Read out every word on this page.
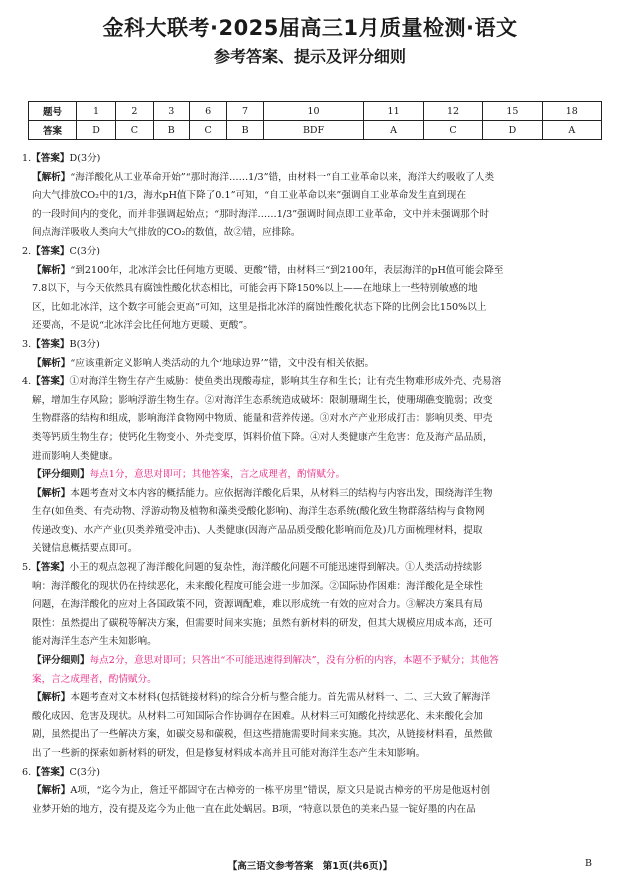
金科大联考·2025届高三1月质量检测·语文
参考答案、提示及评分细则
题号	1	2	3	6	7	10	11	12	15	18
答案	D	C	B	C	B	BDF	A	C	D	A
1.【答案】D(3分)
【解析】“海洋酸化从工业革命开始”“那时海洋……1/3”错，由材料一“自工业革命以来，海洋大约吸收了人类
向大气排放CO₂中的1/3，海水pH值下降了0.1”可知，“自工业革命以来”强调自工业革命发生直到现在
的一段时间内的变化，而并非强调起始点；“那时海洋……1/3”强调时间点即工业革命，文中并未强调那个时
间点海洋吸收人类向大气排放的CO₂的数值，故②错，应排除。
2.【答案】C(3分)
【解析】“到2100年，北冰洋会比任何地方更暖、更酸”错，由材料三“到2100年，表层海洋的pH值可能会降至
7.8以下，与今天依然具有腐蚀性酸化状态相比，可能会再下降150%以上——在地球上一些特别敏感的地
区，比如北冰洋，这个数字可能会更高”可知，这里是指北冰洋的腐蚀性酸化状态下降的比例会比150%以上
还要高，不是说“北冰洋会比任何地方更暖、更酸”。
3.【答案】B(3分)
【解析】“应该重新定义影响人类活动的九个‘地球边界’”错，文中没有相关依据。
4.【答案】①对海洋生物生存产生威胁：使鱼类出现酸毒症，影响其生存和生长；让有壳生物难形成外壳、壳易溶
解，增加生存风险；影响浮游生物生存。②对海洋生态系统造成破坏：限制珊瑚生长，使珊瑚礁变脆弱；改变
生物群落的结构和组成，影响海洋食物网中物质、能量和营养传递。③对水产产业形成打击：影响贝类、甲壳
类等钙质生物生存；使钙化生物变小、外壳变厚，饵料价值下降。④对人类健康产生危害：危及海产品品质，
进而影响人类健康。
【评分细则】每点1分，意思对即可；其他答案，言之成理者，酌情赋分。
【解析】本题考查对文本内容的概括能力。应依据海洋酸化后果，从材料三的结构与内容出发，围绕海洋生物
生存(如鱼类、有壳动物、浮游动物及植物和藻类受酸化影响)、海洋生态系统(酸化致生物群落结构与食物网
传递改变)、水产产业(贝类养殖受冲击)、人类健康(因海产品品质受酸化影响而危及)几方面梳理材料，提取
关键信息概括要点即可。
5.【答案】小王的观点忽视了海洋酸化问题的复杂性，海洋酸化问题不可能迅速得到解决。①人类活动持续影
响：海洋酸化的现状仍在持续恶化，未来酸化程度可能会进一步加深。②国际协作困难：海洋酸化是全球性
问题，在海洋酸化的应对上各国政策不同，资源调配难，难以形成统一有效的应对合力。③解决方案具有局
限性：虽然提出了碳税等解决方案，但需要时间来实施；虽然有新材料的研发，但其大规模应用成本高，还可
能对海洋生态产生未知影响。
【评分细则】每点2分，意思对即可；只答出“不可能迅速得到解决”，没有分析的内容，本题不予赋分；其他答
案，言之成理者，酌情赋分。
【解析】本题考查对文本材料(包括链接材料)的综合分析与整合能力。首先需从材料一、二、三大致了解海洋
酸化成因、危害及现状。从材料二可知国际合作协调存在困难。从材料三可知酸化持续恶化、未来酸化会加
剧，虽然提出了一些解决方案，如碳交易和碳税，但这些措施需要时间来实施。其次，从链接材料看，虽然做
出了一些新的探索如新材料的研发，但是修复材料成本高并且可能对海洋生态产生未知影响。
6.【答案】C(3分)
【解析】A项，“迄今为止，詹迁平都固守在古樟旁的一栋平房里”错误，原文只是说古樟旁的平房是他返村创
业梦开始的地方，没有提及迄今为止他一直在此处蜗居。B项，“特意以景色的美来凸显一锭好墨的内在品
【高三语文参考答案　第1页(共6页)】	B
